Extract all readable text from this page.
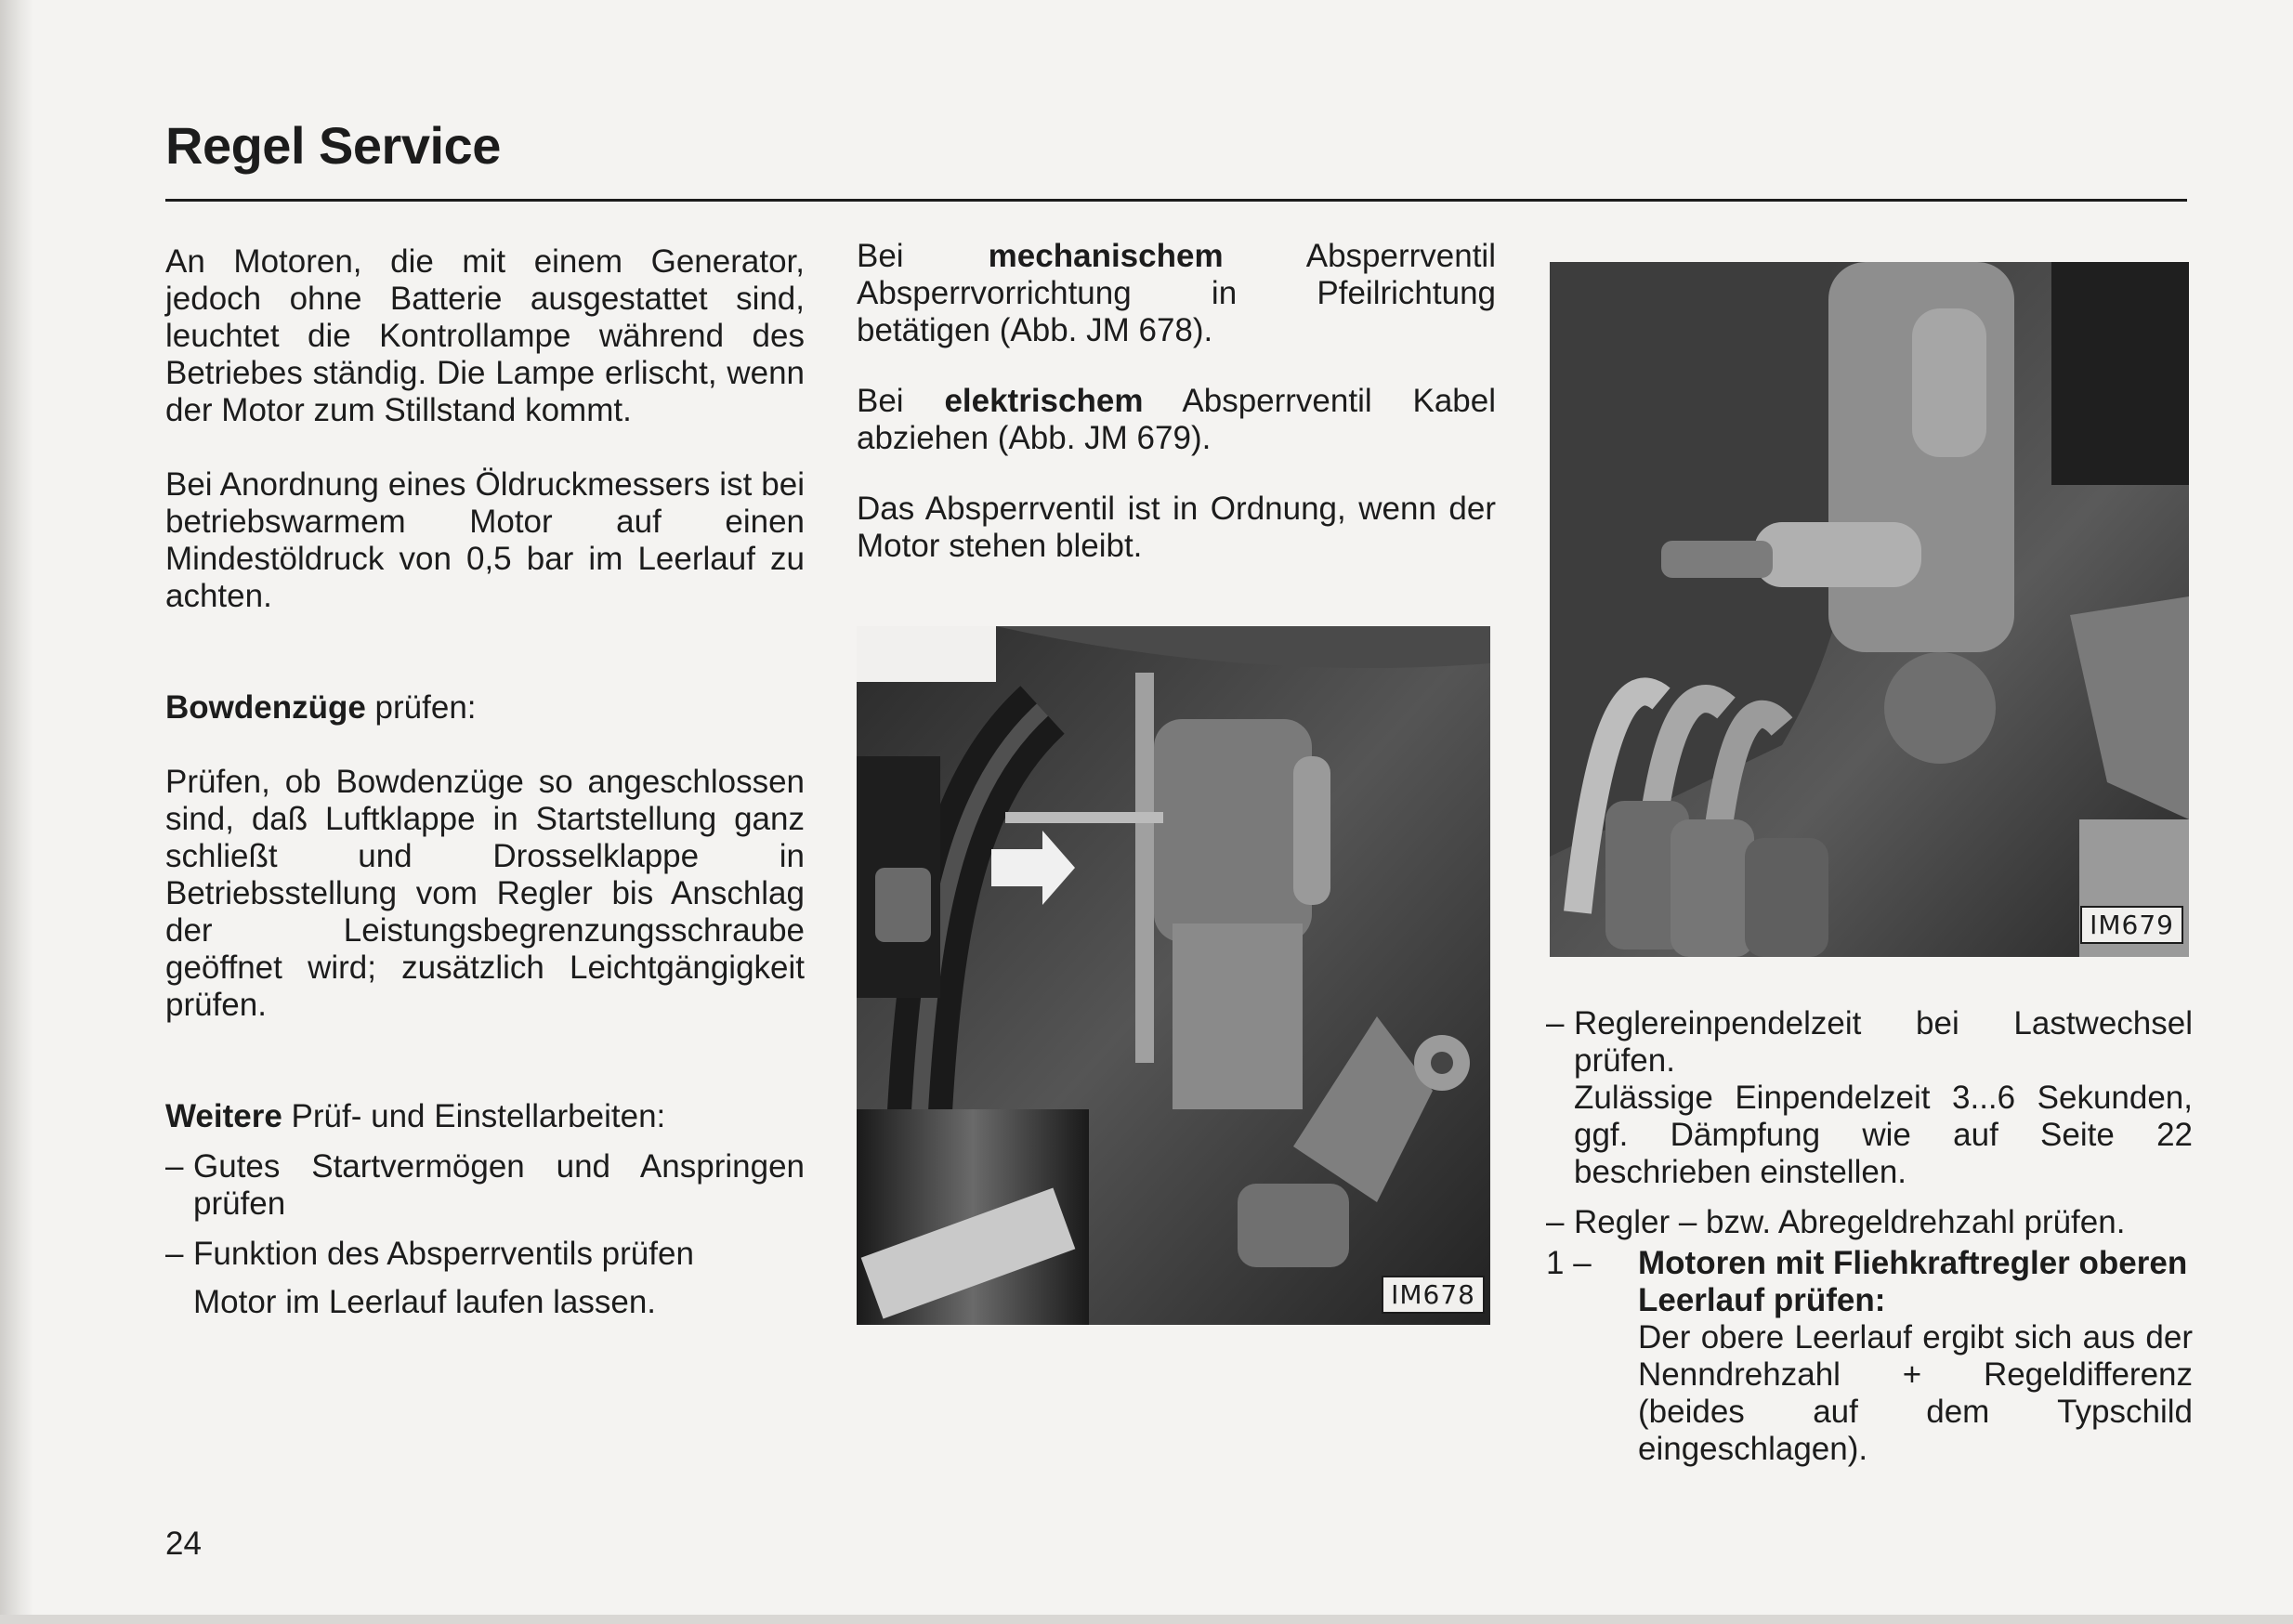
Regel Service

An Motoren, die mit einem Generator, jedoch ohne Batterie ausgestattet sind, leuchtet die Kontrollampe während des Betriebes ständig. Die Lampe erlischt, wenn der Motor zum Stillstand kommt.

Bei Anordnung eines Öldruckmessers ist bei betriebswarmem Motor auf einen Mindestöldruck von 0,5 bar im Leerlauf zu achten.

Bowdenzüge prüfen:

Prüfen, ob Bowdenzüge so angeschlossen sind, daß Luftklappe in Startstellung ganz schließt und Drosselklappe in Betriebsstellung vom Regler bis Anschlag der Leistungsbegrenzungsschraube geöffnet wird; zusätzlich Leichtgängigkeit prüfen.

Weitere Prüf- und Einstellarbeiten:

– Gutes Startvermögen und Anspringen prüfen
– Funktion des Absperrventils prüfen

Motor im Leerlauf laufen lassen.

Bei mechanischem Absperrventil Absperrvorrichtung in Pfeilrichtung betätigen (Abb. JM 678).

Bei elektrischem Absperrventil Kabel abziehen (Abb. JM 679).

Das Absperrventil ist in Ordnung, wenn der Motor stehen bleibt.

IM678
IM679
– Reglereinpendelzeit bei Lastwechsel prüfen.

Zulässige Einpendelzeit 3...6 Sekunden, ggf. Dämpfung wie auf Seite 22 beschrieben einstellen.

– Regler – bzw. Abregeldrehzahl prüfen.
1 –	Motoren mit Fliehkraftregler oberen Leerlauf prüfen:
Der obere Leerlauf ergibt sich aus der Nenndrehzahl + Regeldifferenz (beides auf dem Typschild eingeschlagen).
24
